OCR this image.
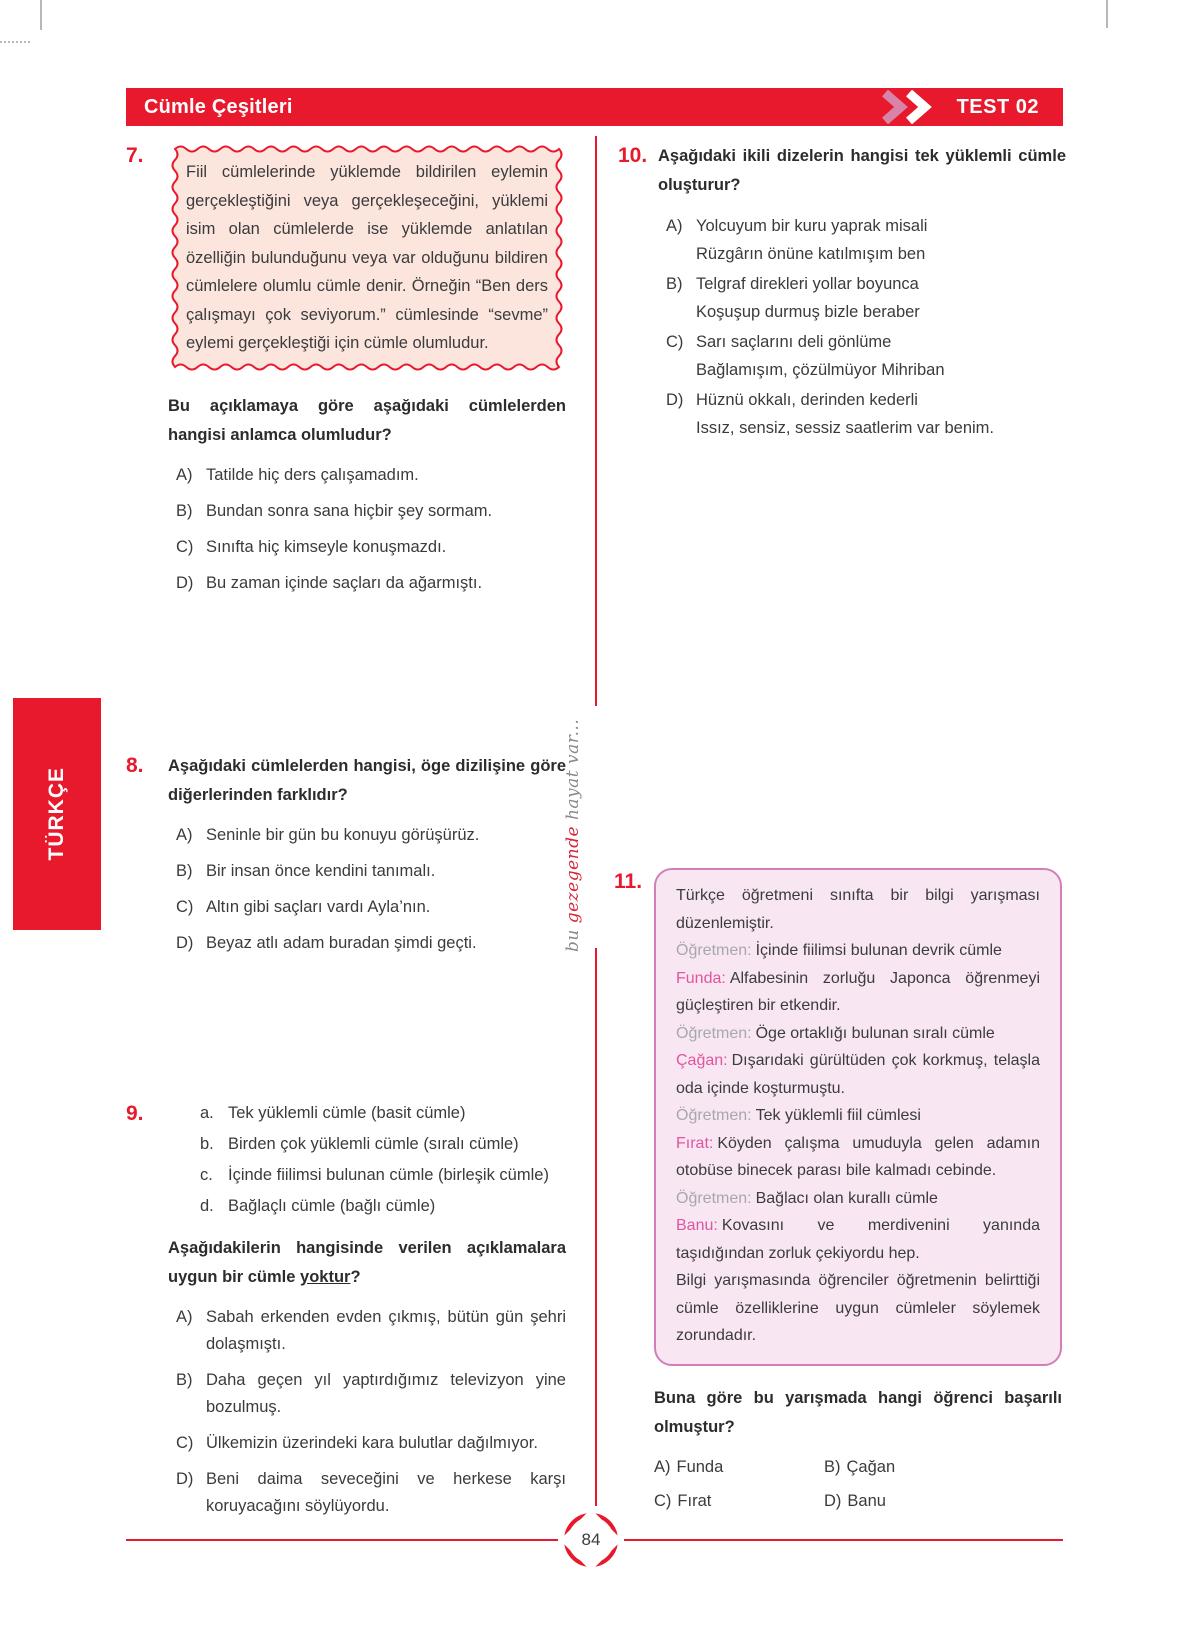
Cümle Çeşitleri	TEST 02
TÜRKÇE
bu gezegende hayat var...
7.
Fiil cümlelerinde yüklemde bildirilen eylemin gerçekleştiğini veya gerçekleşeceğini, yüklemi isim olan cümlelerde ise yüklemde anlatılan özelliğin bulunduğunu veya var olduğunu bildiren cümlelere olumlu cümle denir. Örneğin “Ben ders çalışmayı çok seviyorum.” cümlesinde “sevme” eylemi gerçekleştiği için cümle olumludur.
Bu açıklamaya göre aşağıdaki cümlelerden hangisi anlamca olumludur?
A) Tatilde hiç ders çalışamadım.
B) Bundan sonra sana hiçbir şey sormam.
C) Sınıfta hiç kimseyle konuşmazdı.
D) Bu zaman içinde saçları da ağarmıştı.
8. Aşağıdaki cümlelerden hangisi, öge dizilişine göre diğerlerinden farklıdır?
A) Seninle bir gün bu konuyu görüşürüz.
B) Bir insan önce kendini tanımalı.
C) Altın gibi saçları vardı Ayla’nın.
D) Beyaz atlı adam buradan şimdi geçti.
9.	a. Tek yüklemli cümle (basit cümle)
b. Birden çok yüklemli cümle (sıralı cümle)
c. İçinde fiilimsi bulunan cümle (birleşik cümle)
d. Bağlaçlı cümle (bağlı cümle)
Aşağıdakilerin hangisinde verilen açıklamalara uygun bir cümle yoktur?
A) Sabah erkenden evden çıkmış, bütün gün şehri dolaşmıştı.
B) Daha geçen yıl yaptırdığımız televizyon yine bozulmuş.
C) Ülkemizin üzerindeki kara bulutlar dağılmıyor.
D) Beni daima seveceğini ve herkese karşı koruyacağını söylüyordu.
10. Aşağıdaki ikili dizelerin hangisi tek yüklemli cümle oluşturur?
A) Yolcuyum bir kuru yaprak misali
Rüzgârın önüne katılmışım ben
B) Telgraf direkleri yollar boyunca
Koşuşup durmuş bizle beraber
C) Sarı saçlarını deli gönlüme
Bağlamışım, çözülmüyor Mihriban
D) Hüznü okkalı, derinden kederli
Issız, sensiz, sessiz saatlerim var benim.
11.

Türkçe öğretmeni sınıfta bir bilgi yarışması düzenlemiştir.

Öğretmen: İçinde fiilimsi bulunan devrik cümle

Funda: Alfabesinin zorluğu Japonca öğrenmeyi güçleştiren bir etkendir.

Öğretmen: Öge ortaklığı bulunan sıralı cümle

Çağan: Dışarıdaki gürültüden çok korkmuş, telaşla oda içinde koşturmuştu.

Öğretmen: Tek yüklemli fiil cümlesi

Fırat: Köyden çalışma umuduyla gelen adamın otobüse binecek parası bile kalmadı cebinde.

Öğretmen: Bağlacı olan kurallı cümle

Banu: Kovasını ve merdivenini yanında taşıdığından zorluk çekiyordu hep.

Bilgi yarışmasında öğrenciler öğretmenin belirttiği cümle özelliklerine uygun cümleler söylemek zorundadır.

Buna göre bu yarışmada hangi öğrenci başarılı olmuştur?
A) Funda	B) Çağan
C) Fırat	D) Banu
84
